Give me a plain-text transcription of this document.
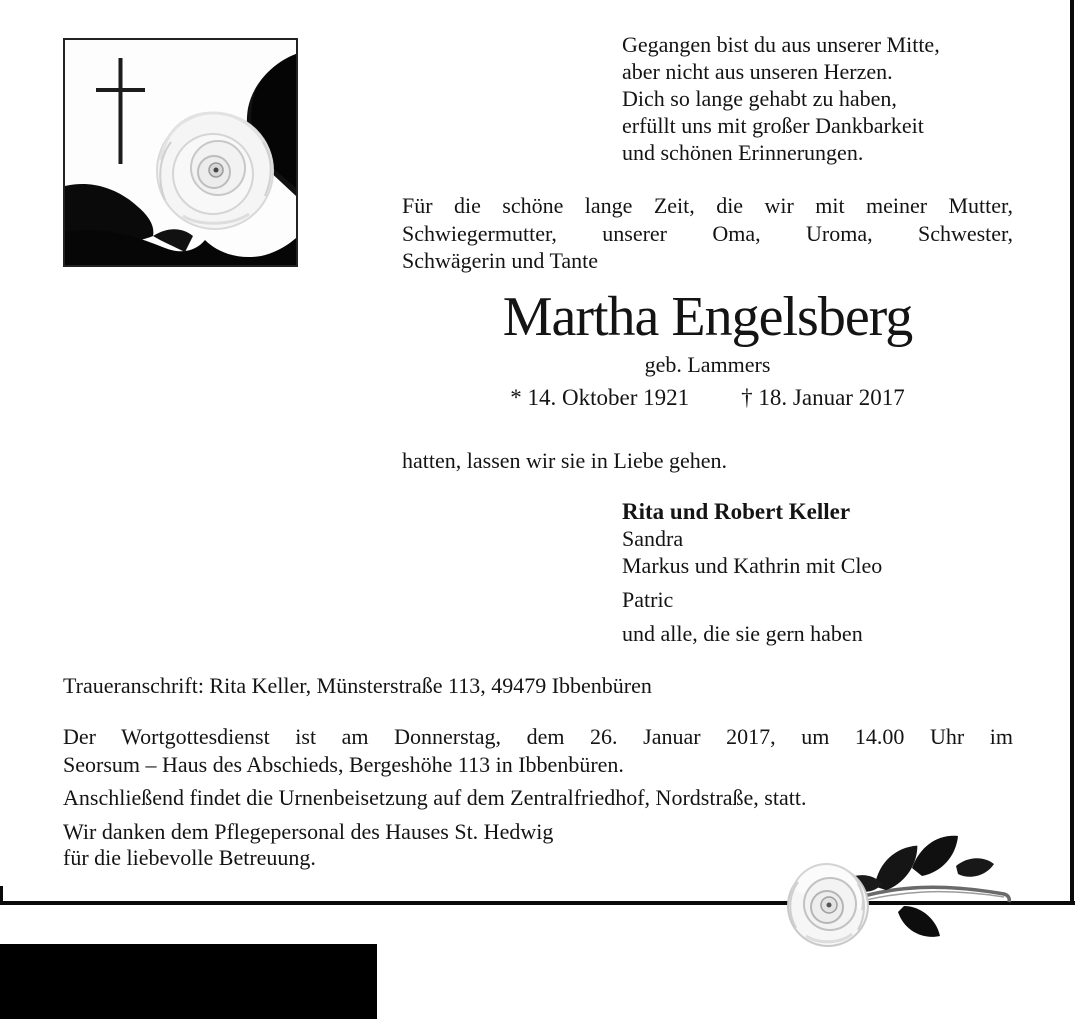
Gegangen bist du aus unserer Mitte,
aber nicht aus unseren Herzen.
Dich so lange gehabt zu haben,
erfüllt uns mit großer Dankbarkeit
und schönen Erinnerungen.
Für die schöne lange Zeit, die wir mit meiner Mutter,
Schwiegermutter, unserer Oma, Uroma, Schwester,
Schwägerin und Tante
Martha Engelsberg
geb. Lammers
* 14. Oktober 1921 † 18. Januar 2017
hatten, lassen wir sie in Liebe gehen.
Rita und Robert Keller
Sandra
Markus und Kathrin mit Cleo
Patric
und alle, die sie gern haben
Traueranschrift: Rita Keller, Münsterstraße 113, 49479 Ibbenbüren
Der Wortgottesdienst ist am Donnerstag, dem 26. Januar 2017, um 14.00 Uhr im
Seorsum – Haus des Abschieds, Bergeshöhe 113 in Ibbenbüren.
Anschließend findet die Urnenbeisetzung auf dem Zentralfriedhof, Nordstraße, statt.
Wir danken dem Pflegepersonal des Hauses St. Hedwig
für die liebevolle Betreuung.
